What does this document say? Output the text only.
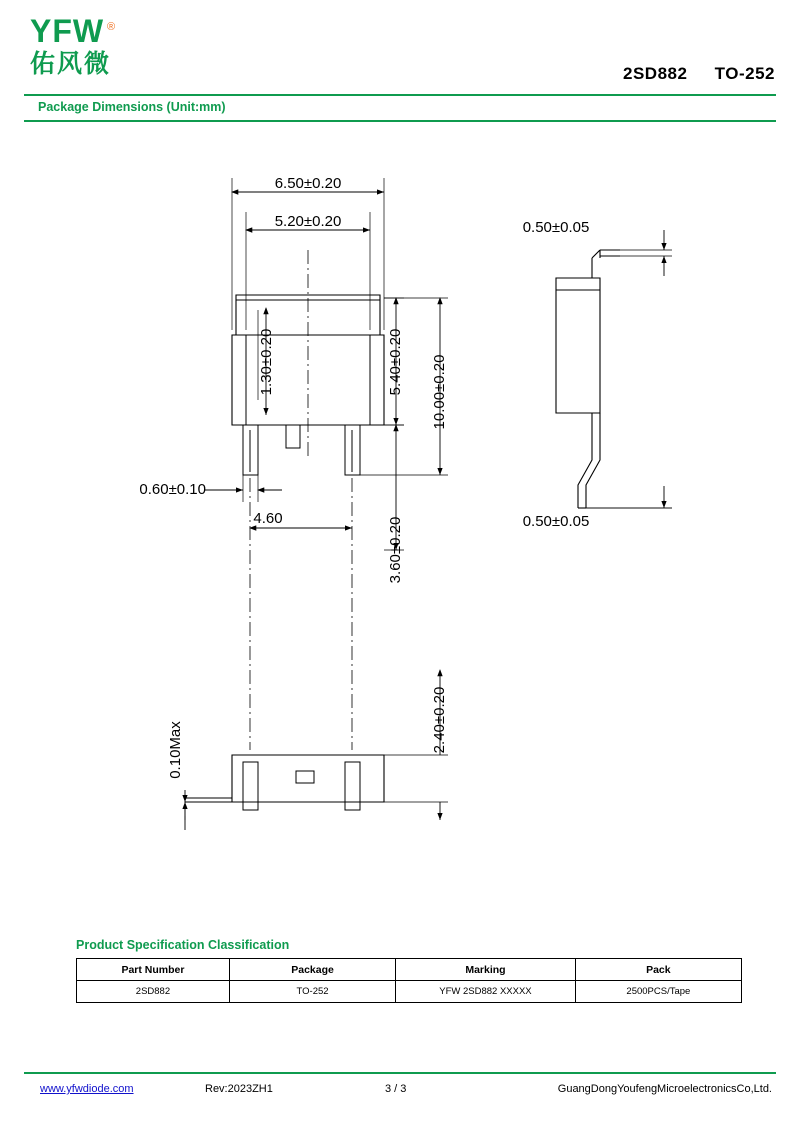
YFW ®
佑风微	2SD882 TO-252
Package Dimensions (Unit:mm)
6.50±0.20
5.20±0.20
1.30±0.20	5.40±0.20 10.00±0.20
3.60±0.20
0.60±0.10
4.60
2.40±0.20
0.10Max
0.50±0.05
0.50±0.05
Product Specification Classification
Part Number	Package	Marking	Pack
2SD882	TO-252	YFW 2SD882 XXXXX	2500PCS/Tape
www.yfwdiode.com	Rev:2023ZH1	3 / 3	GuangDongYoufengMicroelectronicsCo,Ltd.
